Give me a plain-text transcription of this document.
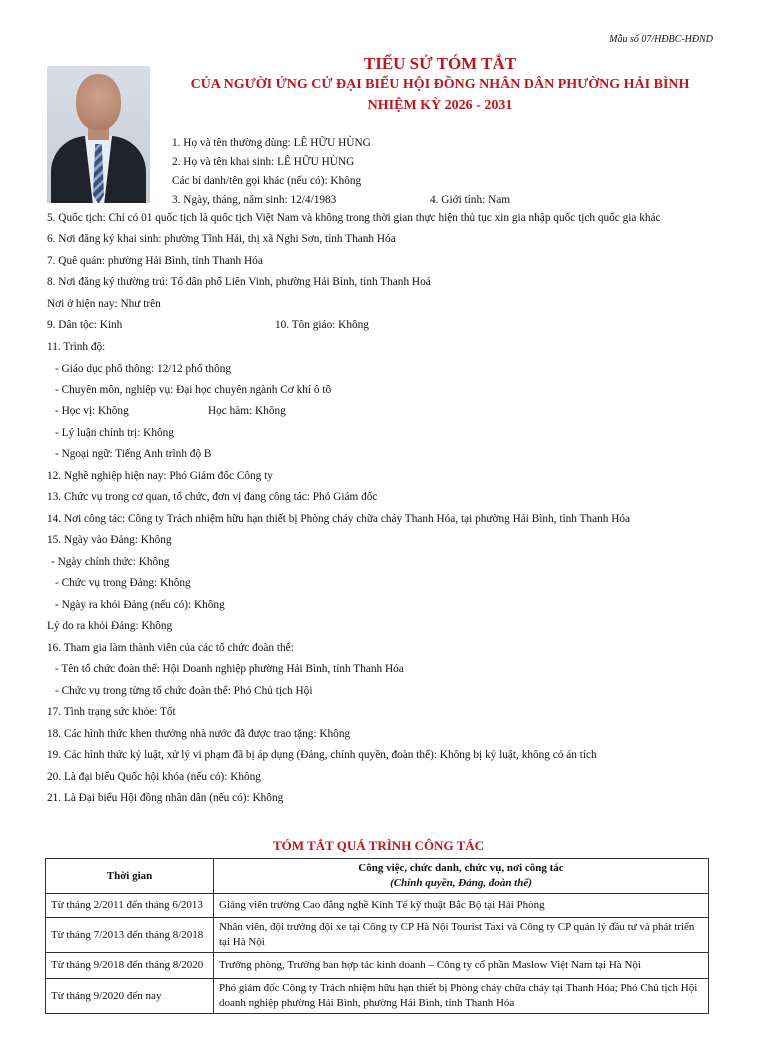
Mẫu số 07/HĐBC-HĐND
TIỂU SỬ TÓM TẮT
CỦA NGƯỜI ỨNG CỬ ĐẠI BIỂU HỘI ĐỒNG NHÂN DÂN PHƯỜNG HẢI BÌNH
NHIỆM KỲ 2026 - 2031
1. Họ và tên thường dùng: LÊ HỮU HÙNG
2. Họ và tên khai sinh: LÊ HỮU HÙNG
Các bí danh/tên gọi khác (nếu có): Không
3. Ngày, tháng, năm sinh: 12/4/1983	4. Giới tính: Nam
5. Quốc tịch: Chỉ có 01 quốc tịch là quốc tịch Việt Nam và không trong thời gian thực hiện thủ tục xin gia nhập quốc tịch quốc gia khác
6. Nơi đăng ký khai sinh: phường Tĩnh Hải, thị xã Nghi Sơn, tỉnh Thanh Hóa
7. Quê quán: phường Hải Bình, tỉnh Thanh Hóa
8. Nơi đăng ký thường trú: Tổ dân phố Liên Vinh, phường Hải Bình, tỉnh Thanh Hoá
Nơi ở hiện nay: Như trên
9. Dân tộc: Kinh	10. Tôn giáo: Không
11. Trình độ:
- Giáo dục phổ thông: 12/12 phổ thông
- Chuyên môn, nghiệp vụ: Đại học chuyên ngành Cơ khí ô tô
- Học vị: Không	Học hàm: Không
- Lý luận chính trị: Không
- Ngoại ngữ: Tiếng Anh trình độ B
12. Nghề nghiệp hiện nay: Phó Giám đốc Công ty
13. Chức vụ trong cơ quan, tổ chức, đơn vị đang công tác: Phó Giám đốc
14. Nơi công tác: Công ty Trách nhiệm hữu hạn thiết bị Phòng cháy chữa cháy Thanh Hóa, tại phường Hải Bình, tỉnh Thanh Hóa
15. Ngày vào Đảng: Không
- Ngày chính thức: Không
- Chức vụ trong Đảng: Không
- Ngày ra khỏi Đảng (nếu có): Không
Lý do ra khỏi Đảng: Không
16. Tham gia làm thành viên của các tổ chức đoàn thể:
- Tên tổ chức đoàn thể: Hội Doanh nghiệp phường Hải Bình, tỉnh Thanh Hóa
- Chức vụ trong từng tổ chức đoàn thể: Phó Chủ tịch Hội
17. Tình trạng sức khỏe: Tốt
18. Các hình thức khen thưởng nhà nước đã được trao tặng: Không
19. Các hình thức kỷ luật, xử lý vi phạm đã bị áp dụng (Đảng, chính quyền, đoàn thể): Không bị kỷ luật, không có án tích
20. Là đại biểu Quốc hội khóa (nếu có): Không
21. Là Đại biểu Hội đồng nhân dân (nếu có): Không
TÓM TẮT QUÁ TRÌNH CÔNG TÁC
Thời gian	Công việc, chức danh, chức vụ, nơi công tác
(Chính quyền, Đảng, đoàn thể)
Từ tháng 2/2011 đến tháng 6/2013	Giảng viên trường Cao đẳng nghề Kinh Tế kỹ thuật Bắc Bộ tại Hải Phòng
Từ tháng 7/2013 đến tháng 8/2018	Nhân viên, đội trưởng đội xe tại Công ty CP Hà Nội Tourist Taxi và Công ty CP quản lý đầu tư và phát triển tại Hà Nội
Từ tháng 9/2018 đến tháng 8/2020	Trưởng phòng, Trưởng ban hợp tác kinh doanh – Công ty cổ phần Maslow Việt Nam tại Hà Nội
Từ tháng 9/2020 đến nay	Phó giám đốc Công ty Trách nhiệm hữu hạn thiết bị Phòng cháy chữa cháy tại Thanh Hóa; Phó Chủ tịch Hội doanh nghiệp phường Hải Bình, phường Hải Bình, tỉnh Thanh Hóa
